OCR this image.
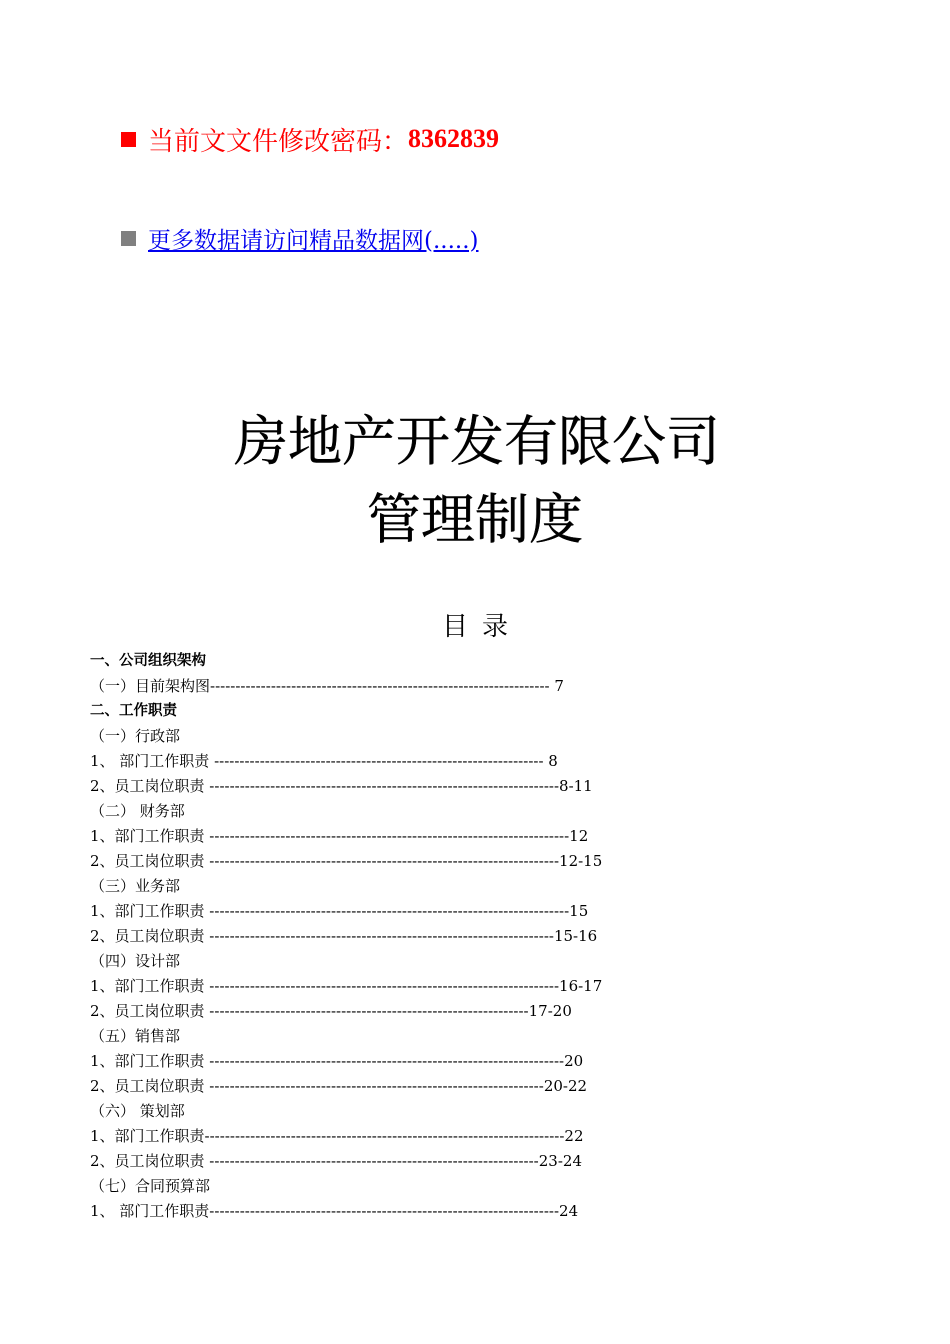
当前文文件修改密码： 8362839
更多数据请访问精品数据网(.....)
房地产开发有限公司
管理制度
目录
一、公司组织架构
（一）目前架构图------------------------------------------------------------------- 7
二、工作职责
（一）行政部
1、 部门工作职责 ----------------------------------------------------------------- 8
2、员工岗位职责 ---------------------------------------------------------------------8-11
（二） 财务部
1、部门工作职责 -----------------------------------------------------------------------12
2、员工岗位职责 ---------------------------------------------------------------------12-15
（三）业务部
1、部门工作职责 -----------------------------------------------------------------------15
2、员工岗位职责 --------------------------------------------------------------------15-16
（四）设计部
1、部门工作职责 ---------------------------------------------------------------------16-17
2、员工岗位职责 ---------------------------------------------------------------17-20
（五）销售部
1、部门工作职责 ----------------------------------------------------------------------20
2、员工岗位职责 ------------------------------------------------------------------20-22
（六） 策划部
1、部门工作职责-----------------------------------------------------------------------22
2、员工岗位职责 -----------------------------------------------------------------23-24
（七）合同预算部
1、 部门工作职责---------------------------------------------------------------------24
